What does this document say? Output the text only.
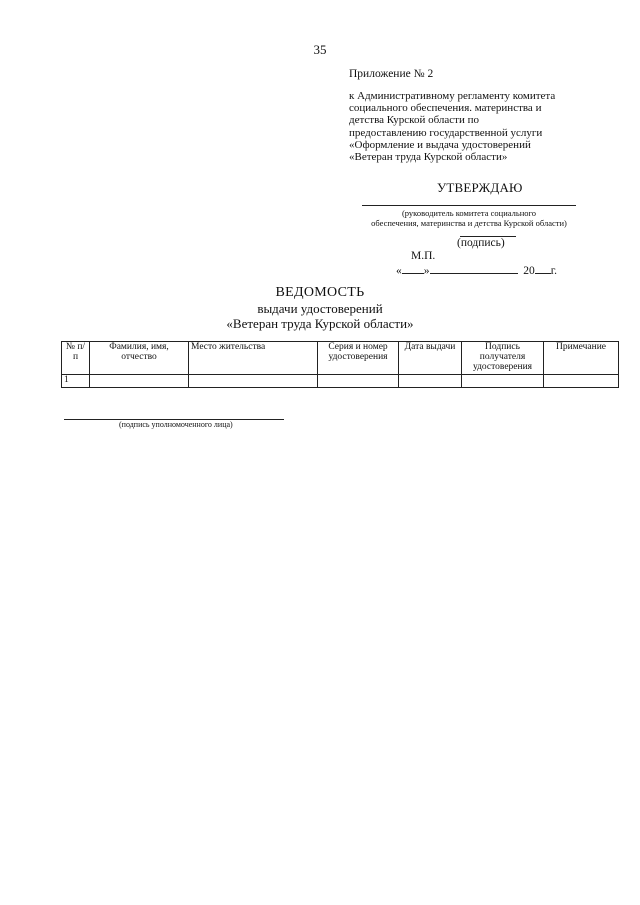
35
Приложение № 2
к Административному регламенту комитета
социального обеспечения. материнства и
детства Курской области по
предоставлению государственной услуги
«Оформление и выдача удостоверений
«Ветеран труда Курской области»
УТВЕРЖДАЮ
(руководитель комитета социального
обеспечения, материнства и детства Курской области)
(подпись)
М.П.
« »	20 г.
ВЕДОМОСТЬ
выдачи удостоверений
«Ветеран труда Курской области»
№ п/п	Фамилия, имя, отчество	Место жительства	Серия и номер удостоверения	Дата выдачи	Подпись получателя удостоверения	Примечание
1						
(подпись уполномоченного лица)
